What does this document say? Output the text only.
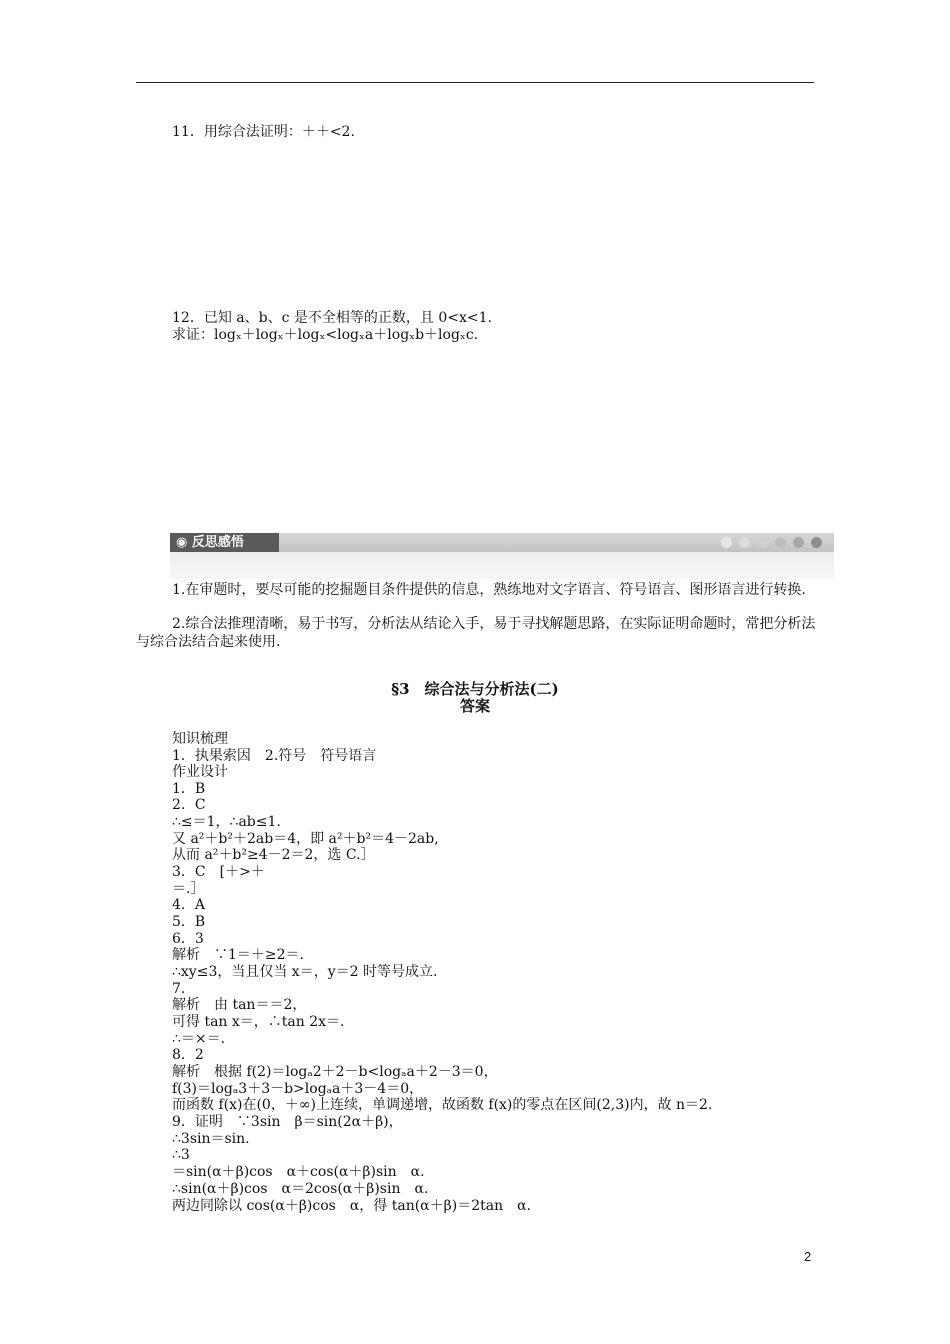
11．用综合法证明：＋＋<2.
12．已知 a、b、c 是不全相等的正数，且 0<x<1.
求证：logₓ＋logₓ＋logₓ<logₓa＋logₓb＋logₓc.
◉ 反思感悟
1.在审题时，要尽可能的挖掘题目条件提供的信息，熟练地对文字语言、符号语言、图形语言进行转换.
2.综合法推理清晰，易于书写，分析法从结论入手，易于寻找解题思路，在实际证明命题时，常把分析法与综合法结合起来使用.
§3　综合法与分析法(二)
答案
知识梳理
1．执果索因　2.符号　符号语言
作业设计
1．B
2．C
∴≤＝1，∴ab≤1.
又 a²＋b²＋2ab＝4，即 a²＋b²＝4－2ab,
从而 a²＋b²≥4－2＝2，选 C.］
3．C　[＋>＋
＝.］
4．A
5．B
6．3
解析　∵1＝＋≥2＝.
∴xy≤3，当且仅当 x＝，y＝2 时等号成立.
7.
解析　由 tan＝＝2，
可得 tan x＝，∴tan 2x＝.
∴＝×＝.
8．2
解析　根据 f(2)＝logₐ2＋2－b<logₐa＋2－3＝0，
f(3)＝logₐ3＋3－b>logₐa＋3－4＝0，
而函数 f(x)在(0，＋∞)上连续，单调递增，故函数 f(x)的零点在区间(2,3)内，故 n＝2.
9．证明　∵3sin　β＝sin(2α＋β)，
∴3sin＝sin.
∴3
＝sin(α＋β)cos　α＋cos(α＋β)sin　α.
∴sin(α＋β)cos　α＝2cos(α＋β)sin　α.
两边同除以 cos(α＋β)cos　α，得 tan(α＋β)＝2tan　α.
2
